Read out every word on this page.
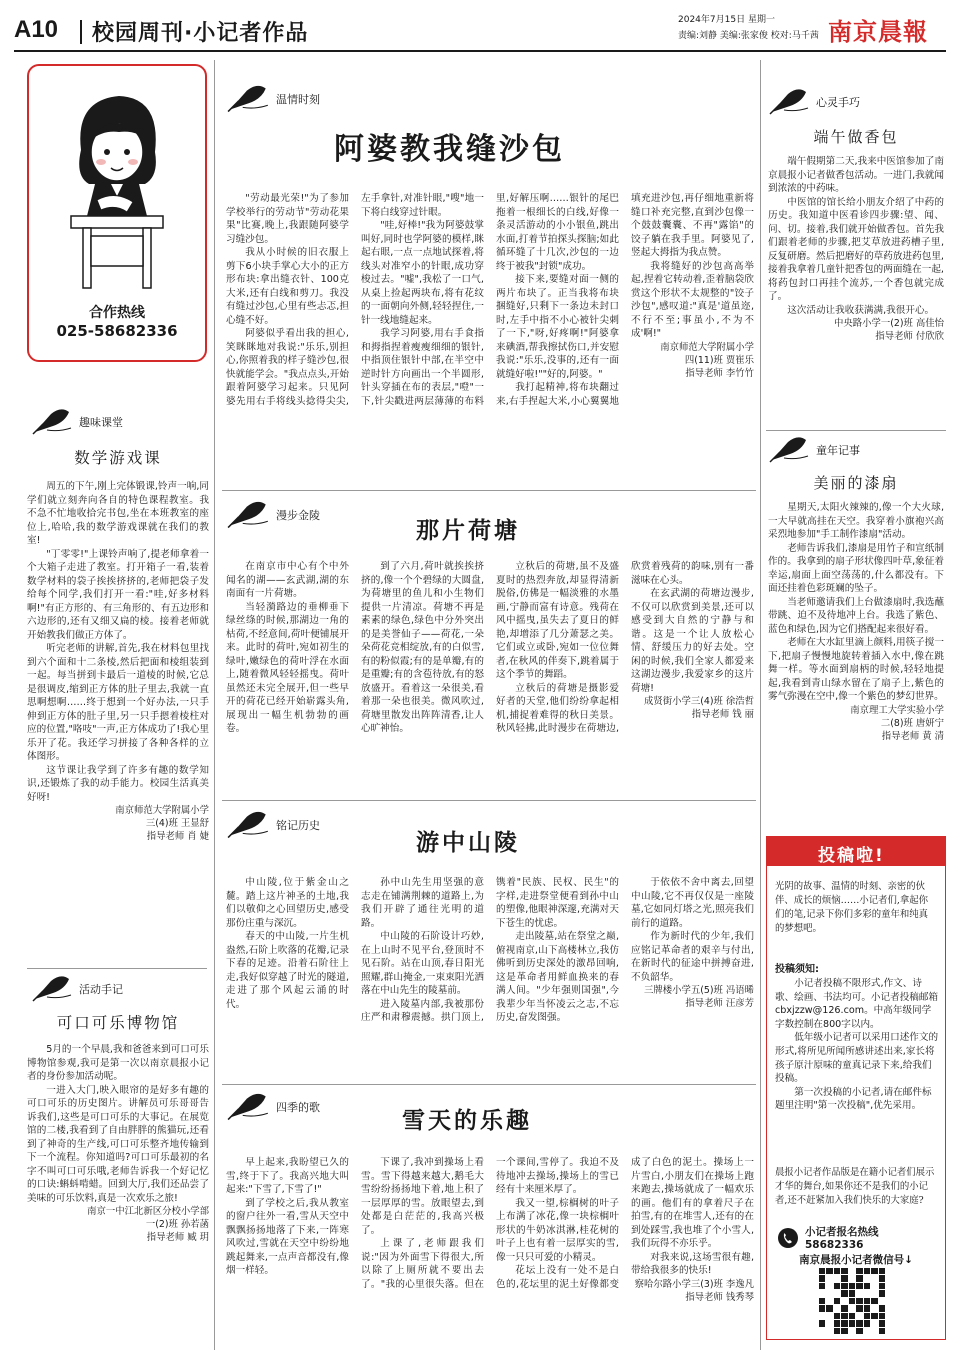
A10 校园周刊·小记者作品
2024年7月15日 星期一
责编:刘静 美编:张家俊 校对:马千茜 南京晨報
合作热线
025-58682336
趣味课堂
数学游戏课

周五的下午,刚上完体锻课,铃声一响,同学们就立刻奔向各自的特色课程教室。我不急不忙地收拾完书包,坐在本班教室的座位上,哈哈,我的数学游戏课就在我们的教室!

"丁零零!"上课铃声响了,提老师拿着一个大箱子走进了教室。打开箱子一看,装着数学材料的袋子挨挨挤挤的,老师把袋子发给每个同学,我们打开一看:"哇,好多材料啊!"有正方形的、有三角形的、有五边形和六边形的,还有又细又扁的棱。接着老师就开始教我们做正方体了。

听完老师的讲解,首先,我在材料包里找到六个面和十二条棱,然后把面和棱组装到一起。每当拼到卡最后一道棱的时候,它总是很调皮,缩到正方体的肚子里去,我就一直思啊想啊……终于想到一个好办法,一只手伸到正方体的肚子里,另一只手摁着棱柱对应的位置,"咯吱"一声,正方体成功了!我心里乐开了花。我还学习拼接了各种各样的立体图形。

这节课让我学到了许多有趣的数学知识,还锻炼了我的动手能力。校园生活真美好呀!

南京师范大学附属小学
三(4)班 王显舒
指导老师 肖 婕
活动手记
可口可乐博物馆

5月的一个早晨,我和爸爸来到可口可乐博物馆参观,我可是第一次以南京晨报小记者的身份参加活动呢。

一进入大门,映入眼帘的是好多有趣的可口可乐的历史图片。讲解员可乐哥哥告诉我们,这些是可口可乐的大事记。在展览馆的二楼,我看到了自由胖胖的熊猫玩,还看到了神奇的生产线,可口可乐整齐地传输到下一个流程。你知道吗?可口可乐最初的名字不叫可口可乐哦,老师告诉我一个好记忆的口诀:蝌蚪啃蜡。回到大厅,我们还品尝了美味的可乐饮料,真是一次欢乐之旅!

南京一中江北新区分校小学部
一(2)班 孙若菡
指导老师 臧 玥
温情时刻
阿婆教我缝沙包

"劳动最光荣!"为了参加学校举行的劳动节"劳动花果果"比赛,晚上,我跟随阿婆学习缝沙包。

我从小时候的旧衣服上剪下6小块手掌心大小的正方形布块:拿出缝衣针、100克大米,还有白线和剪刀。我没有缝过沙包,心里有些忐忑,担心缝不好。

阿婆似乎看出我的担心,笑眯眯地对我说:"乐乐,别担心,你照着我的样子缝沙包,很快就能学会。"我点点头,开始跟着阿婆学习起来。只见阿婆先用右手将线头捻得尖尖,左手拿针,对准针眼,"嗖"地一下将白线穿过针眼。

"哇,好棒!"我为阿婆鼓掌叫好,同时也学阿婆的模样,眯起右眼,一点一点地试探着,将线头对准窄小的针眼,成功穿梭过去。"嘘",我松了一口气,从桌上捡起两块布,将有花纹的一面朝向外侧,轻轻捏住,一针一线地缝起来。

我学习阿婆,用右手食指和拇指捏着瘦瘦细细的银针,中指顶住银针中部,在半空中逆时针方向画出一个半圆形,针头穿插在布的表层,"噔"一下,针尖戳进两层薄薄的布料里,好解压啊……银针的尾巴拖着一根细长的白线,好像一条灵活游动的小小银鱼,跳出水面,打着节拍探头探脑;如此循环缝了十几次,沙包的一边终于被我"封锁"成功。

接下来,要缝对面一侧的两片布块了。正当我将布块捆缝好,只剩下一条边未封口时,左手中指不小心被针尖刺了一下,"呀,好疼啊!"阿婆拿来碘酒,帮我擦拭伤口,并安慰我说:"乐乐,没事的,还有一面就缝好啦!""好的,阿婆。"

我打起精神,将布块翻过来,右手捏起大米,小心翼翼地填充进沙包,再仔细地重新将缝口补充完整,直到沙包像一个鼓鼓囊囊、不再"露馅"的饺子躺在我手里。阿婆见了,竖起大拇指为我点赞。

我将缝好的沙包高高举起,捏着它转动着,歪着脑袋欣赏这个形状不太规整的"饺子沙包",感叹道:"真是'道虽迩,不行不至;事虽小,不为不成'啊!"

南京师范大学附属小学
四(11)班 贾崔乐
指导老师 李竹竹
漫步金陵
那片荷塘

在南京市中心有个中外闻名的湖——玄武湖,湖的东南面有一片荷塘。

当轻漪路边的垂柳垂下绿丝绦的时候,那湖边一角的枯荷,不经意间,荷叶便铺展开来。此时的荷叶,宛如初生的绿叶,嫩绿色的荷叶浮在水面上,随着微风轻轻摇曳。荷叶虽然还未完全展开,但一些早开的荷花已经开始崭露头角,展现出一幅生机勃勃的画卷。

到了六月,荷叶就挨挨挤挤的,像一个个碧绿的大圆盘,为荷塘里的鱼儿和小生物们提供一片清凉。荷塘不再是素素的绿色,绿色中分外突出的是美誉仙子——荷花,一朵朵荷花竞相绽放,有的白似雪,有的粉似霞;有的是单瓣,有的是重瓣;有的含苞待放,有的怒放盛开。看着这一朵很美,看着那一朵也很美。微风吹过,荷塘里散发出阵阵清香,让人心旷神怡。

立秋后的荷塘,虽不及盛夏时的热烈奔放,却显得清新脱俗,仿佛是一幅淡雅的水墨画,宁静而富有诗意。残荷在风中摇曳,虽失去了夏日的鲜艳,却增添了几分萧瑟之美。它们或立或卧,宛如一位位舞者,在秋风的伴奏下,跳着属于这个季节的舞蹈。

立秋后的荷塘是摄影爱好者的天堂,他们纷纷拿起相机,捕捉着难得的秋日美景。秋风轻拂,此时漫步在荷塘边,欣赏着残荷的韵味,别有一番滋味在心头。

在玄武湖的荷塘边漫步,不仅可以欣赏到美景,还可以感受到大自然的宁静与和谐。这是一个让人放松心情、舒缓压力的好去处。空闲的时候,我们全家人都爱来这湖边漫步,我爱家乡的这片荷塘!

成贤街小学三(4)班 徐浩哲
指导老师 钱 丽
铭记历史
游中山陵

中山陵,位于紫金山之麓。踏上这片神圣的土地,我们以敬仰之心回望历史,感受那份庄重与深沉。

春天的中山陵,一片生机盎然,石阶上吹落的花瓣,记录下春的足迹。沿着石阶往上走,我好似穿越了时光的隧道,走进了那个风起云涌的时代。

孙中山先生用坚强的意志走在铺满荆棘的道路上,为我们开辟了通往光明的道路。

中山陵的石阶设计巧妙,在上山时不见平台,登顶时不见石阶。站在山顶,春日阳光照耀,群山掩金,一束束阳光洒落在中山先生的陵墓前。

进入陵墓内部,我被那份庄严和肃穆震撼。拱门顶上,镌着"民族、民权、民生"的字样,走进祭堂便看到孙中山的塑像,他眼神深邃,充满对天下苍生的忧虑。

走出陵墓,站在祭堂之巅,俯视南京,山下高楼林立,我仿佛听到历史深处的激昂回响,这是革命者用鲜血换来的春满人间。"少年强则国强",今我辈少年当怀凌云之志,不忘历史,奋发图强。

于依依不舍中离去,回望中山陵,它不再仅仅是一座陵墓,它如同灯塔之光,照亮我们前行的道路。

作为新时代的少年,我们应铭记革命者的艰辛与付出,在新时代的征途中拼搏奋进,不负韶华。

三牌楼小学五(5)班 冯语晞
指导老师 汪彦芳
四季的歌	雪天的乐趣

早上起来,我盼望已久的雪,终于下了。我高兴地大叫起来:"下雪了,下雪了!"

到了学校之后,我从教室的窗户往外一看,雪从天空中飘飘扬扬地落了下来,一阵寒风吹过,雪就在天空中纷纷地跳起舞来,一点声音都没有,像烟一样轻。

下课了,我冲到操场上看雪。雪下得越来越大,鹅毛大雪纷纷扬扬地下着,地上积了一层厚厚的雪。放眼望去,到处都是白茫茫的,我高兴极了。

上课了,老师跟我们说:"因为外面雪下得很大,所以除了上厕所就不要出去了。"我的心里很失落。但在一个课间,雪停了。我迫不及待地冲去操场,操场上的雪已经有十来厘米厚了。

我又一望,棕榈树的叶子上布满了冰花,像一块棕榈叶形状的牛奶冰淇淋,桂花树的叶子上也有着一层厚实的雪,像一只只可爱的小精灵。

花坛上没有一处不是白色的,花坛里的泥土好像都变成了白色的泥土。操场上一片雪白,小朋友们在操场上跑来跑去,操场就成了一幅欢乐的画。他们有的拿着尺子在拍雪,有的在堆雪人,还有的在到处踩雪,我也堆了个小雪人,我们玩得不亦乐乎。

对我来说,这场雪很有趣,带给我很多的快乐!

察哈尔路小学三(3)班 李逸凡
指导老师 钱秀琴
心灵手巧
端午做香包

端午假期第二天,我来中医馆参加了南京晨报小记者做香包活动。一进门,我就闻到浓浓的中药味。

中医馆的馆长给小朋友介绍了中药的历史。我知道中医看诊四步骤:望、闻、问、切。接着,我们就开始做香包。首先我们跟着老师的步骤,把艾草放进药槽子里,反复研磨。然后把磨好的草药放进药包里,接着我拿着几童针把香包的两面缝在一起,将药包封口再挂个流苏,一个香包就完成了。

这次活动让我收获满满,我很开心。

中央路小学一(2)班 高佳怡
指导老师 付欣欣
童年记事
美丽的漆扇

星期天,太阳火辣辣的,像一个大火球,一大早就高挂在天空。我穿着小旗袍兴高采烈地参加"手工制作漆扇"活动。

老师告诉我们,漆扇是用竹子和宣纸制作的。我拿到的扇子形状像四叶草,象征着幸运,扇面上面空荡荡的,什么都没有。下面还挂着色彩斑斓的坠子。

当老师邀请我们上台做漆扇时,我选蘸带跳、迫不及待地冲上台。我选了紫色、蓝色和绿色,因为它们搭配起来很好看。

老师在大水缸里滴上颜料,用筷子搅一下,把扇子慢慢地旋转着插入水中,像在跳舞一样。等水面到扇柄的时候,轻轻地提起,我看到青山绿水留在了扇子上,紫色的雾气弥漫在空中,像一个紫色的梦幻世界。

南京理工大学实验小学
二(8)班 唐妍宁
指导老师 黄 清
投稿啦!
光阴的故事、温情的时刻、亲密的伙伴、成长的烦恼……小记者们,拿起你们的笔,记录下你们多彩的童年和纯真的梦想吧。
投稿须知:
小记者投稿不限形式,作文、诗歌、绘画、书法均可。小记者投稿邮箱 cbxjzzw@126.com。中高年级同学字数控制在800字以内。
低年级小记者可以采用口述作文的形式,将所见所闻所感讲述出来,家长将孩子原汁原味的童真记录下来,给我们投稿。
第一次投稿的小记者,请在邮件标题里注明"第一次投稿",优先采用。
晨报小记者作品版是在籍小记者们展示才华的舞台,如果你还不是我们的小记者,还不赶紧加入我们快乐的大家庭?
小记者报名热线
58682336
南京晨报小记者微信号↓
